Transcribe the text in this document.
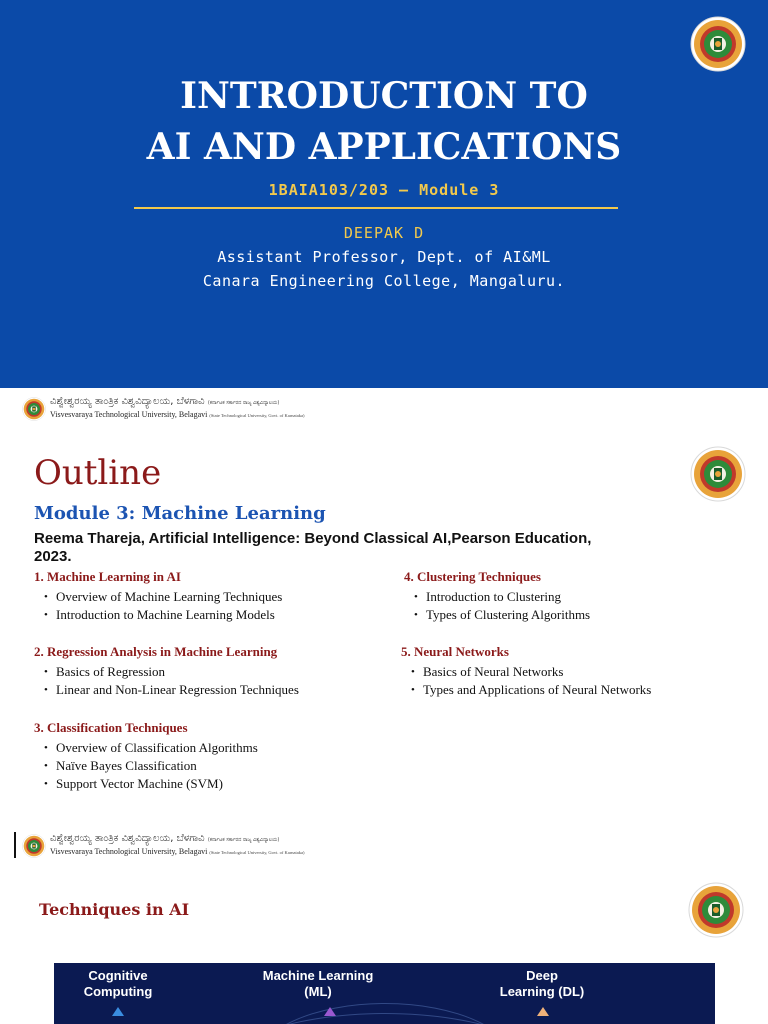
INTRODUCTION TO
AI AND APPLICATIONS
1BAIA103/203 – Module 3
DEEPAK D
Assistant Professor, Dept. of AI&ML
Canara Engineering College, Mangaluru.
ವಿಶ್ವೇಶ್ವರಯ್ಯ ತಾಂತ್ರಿಕ ವಿಶ್ವವಿದ್ಯಾಲಯ, ಬೆಳಗಾವಿ (ಕರ್ನಾಟಕ ಸರ್ಕಾರದ ರಾಜ್ಯ ವಿಶ್ವವಿದ್ಯಾಲಯ)
Visvesvaraya Technological University, Belagavi (State Technological University, Govt. of Karnataka)
Outline
Module 3: Machine Learning
Reema Thareja, Artificial Intelligence: Beyond Classical AI,Pearson Education, 2023.
1. Machine Learning in AI
• Overview of Machine Learning Techniques
• Introduction to Machine Learning Models
2. Regression Analysis in Machine Learning
• Basics of Regression
• Linear and Non-Linear Regression Techniques
3. Classification Techniques
• Overview of Classification Algorithms
• Naïve Bayes Classification
• Support Vector Machine (SVM)
4. Clustering Techniques
• Introduction to Clustering
• Types of Clustering Algorithms
5. Neural Networks
• Basics of Neural Networks
• Types and Applications of Neural Networks
ವಿಶ್ವೇಶ್ವರಯ್ಯ ತಾಂತ್ರಿಕ ವಿಶ್ವವಿದ್ಯಾಲಯ, ಬೆಳಗಾವಿ (ಕರ್ನಾಟಕ ಸರ್ಕಾರದ ರಾಜ್ಯ ವಿಶ್ವವಿದ್ಯಾಲಯ)
Visvesvaraya Technological University, Belagavi (State Technological University, Govt. of Karnataka)
Techniques in AI
Cognitive
Computing
Machine Learning
(ML)
Deep
Learning (DL)
